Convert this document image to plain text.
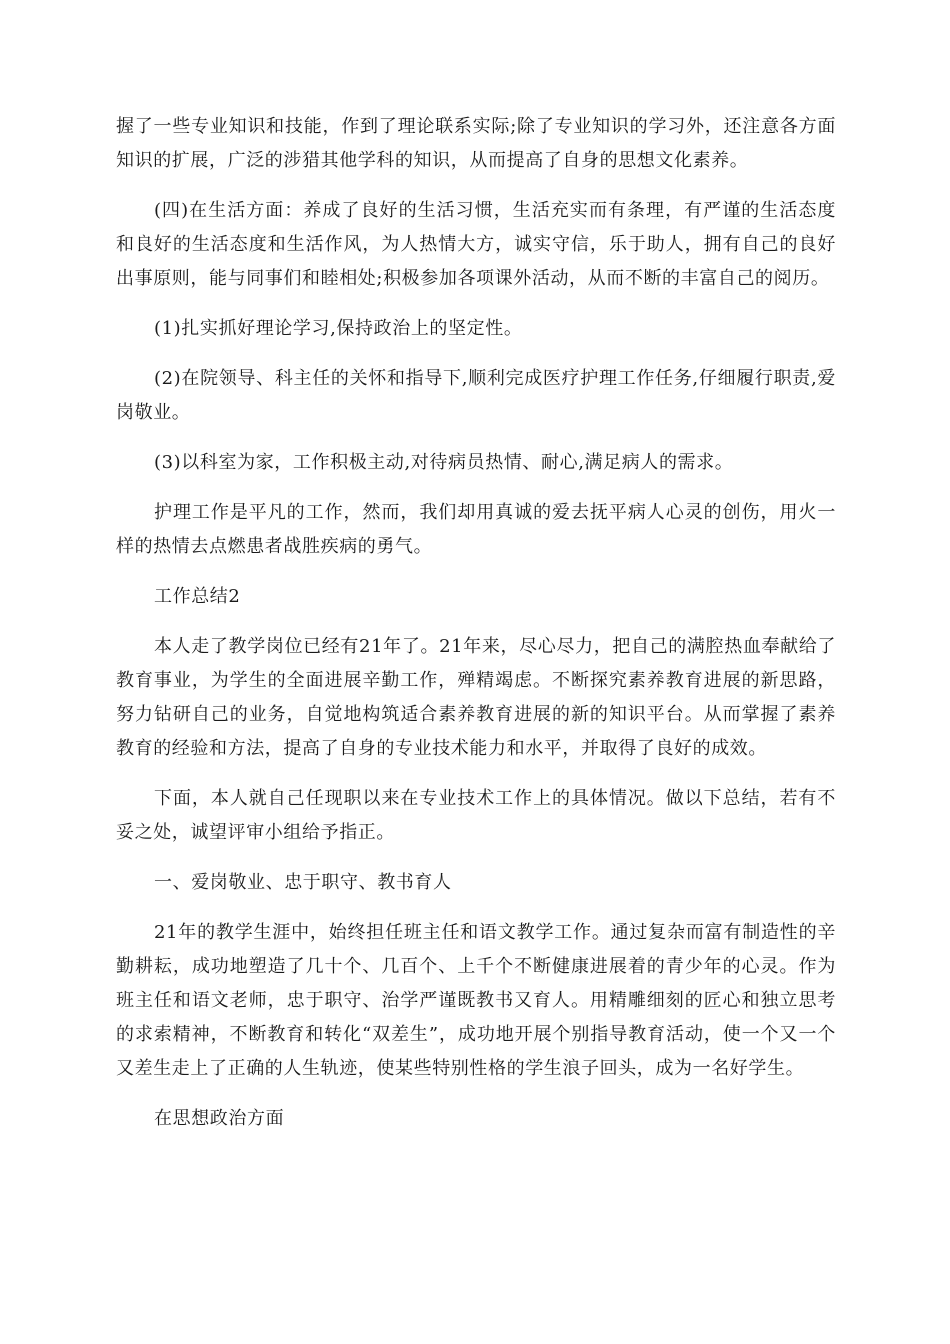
握了一些专业知识和技能，作到了理论联系实际;除了专业知识的学习外，还注意各方面知识的扩展，广泛的涉猎其他学科的知识，从而提高了自身的思想文化素养。

(四)在生活方面：养成了良好的生活习惯，生活充实而有条理，有严谨的生活态度和良好的生活态度和生活作风，为人热情大方，诚实守信，乐于助人，拥有自己的良好出事原则，能与同事们和睦相处;积极参加各项课外活动，从而不断的丰富自己的阅历。

(1)扎实抓好理论学习,保持政治上的坚定性。

(2)在院领导、科主任的关怀和指导下,顺利完成医疗护理工作任务,仔细履行职责,爱岗敬业。

(3)以科室为家，工作积极主动,对待病员热情、耐心,满足病人的需求。

护理工作是平凡的工作，然而，我们却用真诚的爱去抚平病人心灵的创伤，用火一样的热情去点燃患者战胜疾病的勇气。

工作总结2

本人走了教学岗位已经有21年了。21年来，尽心尽力，把自己的满腔热血奉献给了教育事业，为学生的全面进展辛勤工作，殚精竭虑。不断探究素养教育进展的新思路，努力钻研自己的业务，自觉地构筑适合素养教育进展的新的知识平台。从而掌握了素养教育的经验和方法，提高了自身的专业技术能力和水平，并取得了良好的成效。

下面，本人就自己任现职以来在专业技术工作上的具体情况。做以下总结，若有不妥之处，诚望评审小组给予指正。

一、爱岗敬业、忠于职守、教书育人

21年的教学生涯中，始终担任班主任和语文教学工作。通过复杂而富有制造性的辛勤耕耘，成功地塑造了几十个、几百个、上千个不断健康进展着的青少年的心灵。作为班主任和语文老师，忠于职守、治学严谨既教书又育人。用精雕细刻的匠心和独立思考的求索精神，不断教育和转化“双差生”，成功地开展个别指导教育活动，使一个又一个又差生走上了正确的人生轨迹，使某些特别性格的学生浪子回头，成为一名好学生。

在思想政治方面
